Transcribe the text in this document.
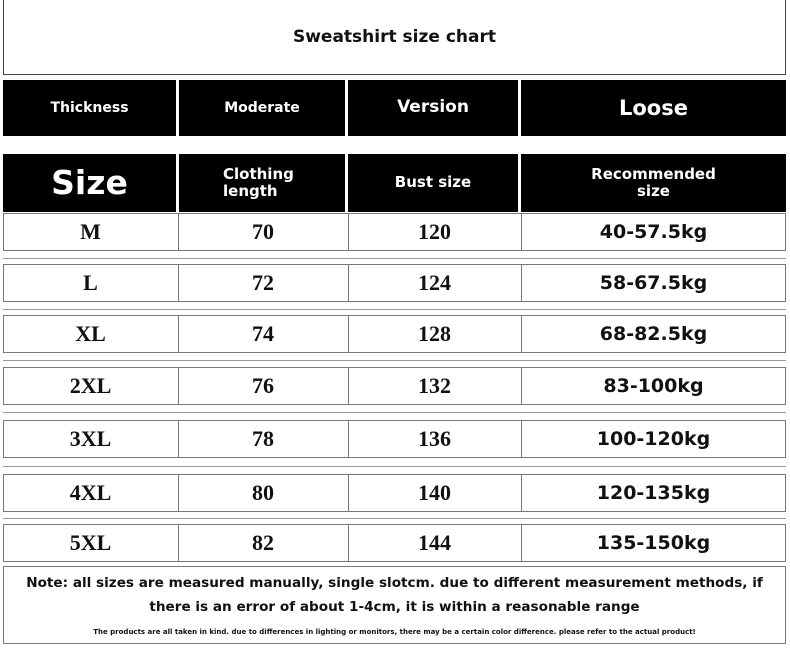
Sweatshirt size chart
Thickness	Moderate	Version	Loose
Size	Clothing length	Bust size	Recommended size
M	70	120	40-57.5kg
L	72	124	58-67.5kg
XL	74	128	68-82.5kg
2XL	76	132	83-100kg
3XL	78	136	100-120kg
4XL	80	140	120-135kg
5XL	82	144	135-150kg
Note: all sizes are measured manually, single slotcm. due to different measurement methods, if there is an error of about 1-4cm, it is within a reasonable range
The products are all taken in kind. due to differences in lighting or monitors, there may be a certain color difference. please refer to the actual product!
